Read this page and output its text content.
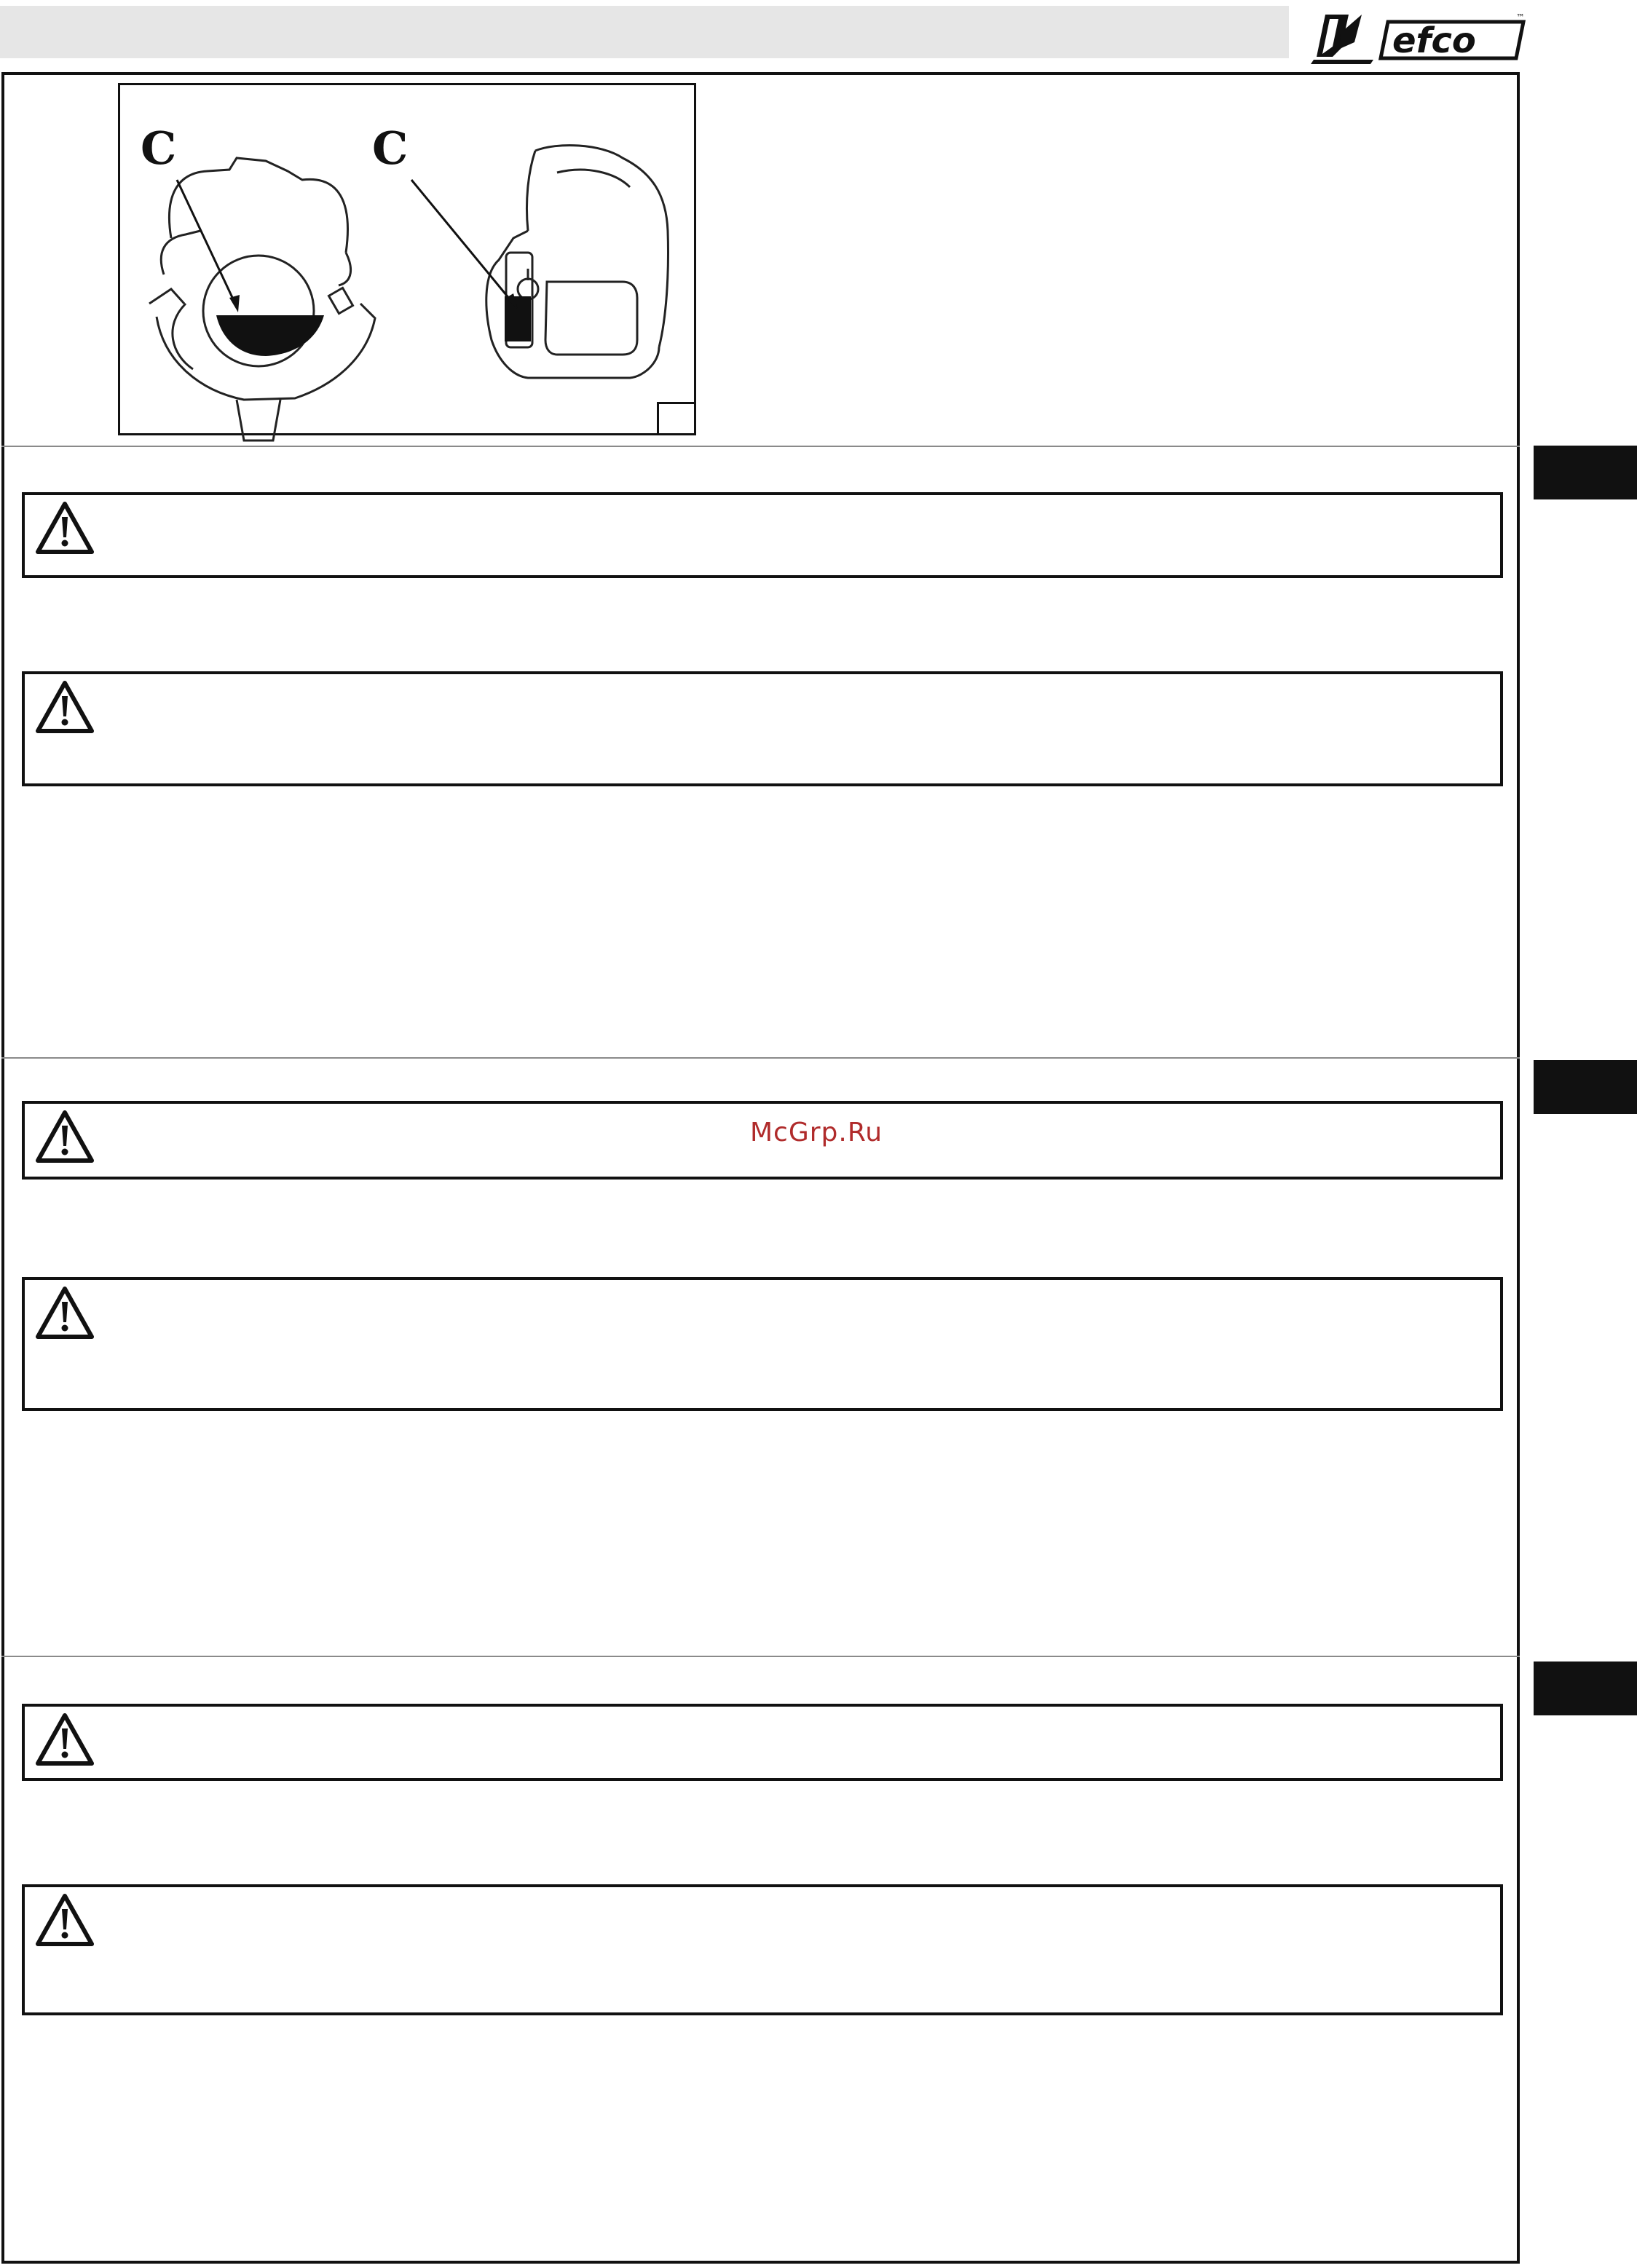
efco
™
C	C
McGrp.Ru
